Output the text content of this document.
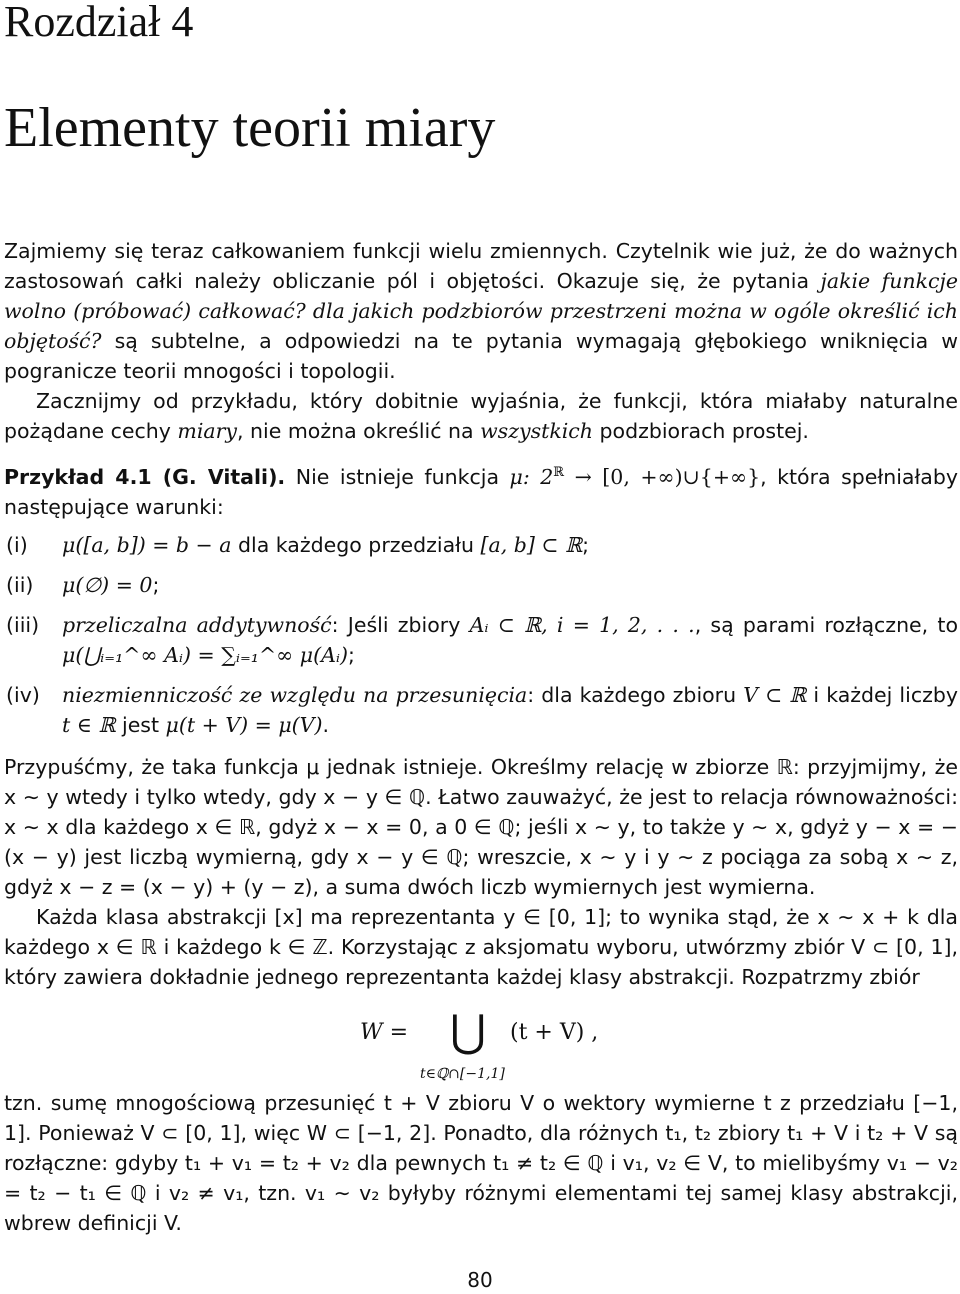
Rozdział 4
Elementy teorii miary
Zajmiemy się teraz całkowaniem funkcji wielu zmiennych. Czytelnik wie już, że do ważnych zastosowań całki należy obliczanie pól i objętości. Okazuje się, że pytania jakie funkcje wolno (próbować) całkować? dla jakich podzbiorów przestrzeni można w ogóle określić ich objętość? są subtelne, a odpowiedzi na te pytania wymagają głębokiego wniknięcia w pogranicze teorii mnogości i topologii.
Zacznijmy od przykładu, który dobitnie wyjaśnia, że funkcji, która miałaby naturalne pożądane cechy miary, nie można określić na wszystkich podzbiorach prostej.
Przykład 4.1 (G. Vitali). Nie istnieje funkcja μ: $2^ℝ \to [0$, +∞)∪{+∞}, która spełniałaby następujące warunki:
(i) μ([a, b]) = b − a dla każdego przedziału [a, b] ⊂ ℝ;
(ii) μ(∅) = 0;
(iii) przeliczalna addytywność: Jeśli zbiory Aᵢ ⊂ ℝ, i = 1, 2, . . ., są parami rozłączne, to μ(⋃ᵢ₌₁^∞ Aᵢ) = ∑ᵢ₌₁^∞ μ(Aᵢ);
(iv) niezmienniczość ze względu na przesunięcia: dla każdego zbioru V ⊂ ℝ i każdej liczby t ∈ ℝ jest μ(t + V) = μ(V).
Przypuśćmy, że taka funkcja μ jednak istnieje. Określmy relację w zbiorze ℝ: przyjmijmy, że x ∼ y wtedy i tylko wtedy, gdy x − y ∈ ℚ. Łatwo zauważyć, że jest to relacja równoważności: x ∼ x dla każdego x ∈ ℝ, gdyż x − x = 0, a 0 ∈ ℚ; jeśli x ∼ y, to także y ∼ x, gdyż y − x = −(x − y) jest liczbą wymierną, gdy x − y ∈ ℚ; wreszcie, x ∼ y i y ∼ z pociąga za sobą x ∼ z, gdyż x − z = (x − y) + (y − z), a suma dwóch liczb wymiernych jest wymierna.
Każda klasa abstrakcji [x] ma reprezentanta y ∈ [0, 1]; to wynika stąd, że x ∼ x + k dla każdego x ∈ ℝ i każdego k ∈ ℤ. Korzystając z aksjomatu wyboru, utwórzmy zbiór V ⊂ [0, 1], który zawiera dokładnie jednego reprezentanta każdej klasy abstrakcji. Rozpatrzmy zbiór
W = ⋃
t∈ℚ∩[−1,1]
(t + V) ,
tzn. sumę mnogościową przesunięć t + V zbioru V o wektory wymierne t z przedziału [−1, 1]. Ponieważ V ⊂ [0, 1], więc W ⊂ [−1, 2]. Ponadto, dla różnych t₁, t₂ zbiory t₁ + V i t₂ + V są rozłączne: gdyby t₁ + v₁ = t₂ + v₂ dla pewnych t₁ ≠ t₂ ∈ ℚ i v₁, v₂ ∈ V, to mielibyśmy v₁ − v₂ = t₂ − t₁ ∈ ℚ i v₂ ≠ v₁, tzn. v₁ ∼ v₂ byłyby różnymi elementami tej samej klasy abstrakcji, wbrew definicji V.
80
